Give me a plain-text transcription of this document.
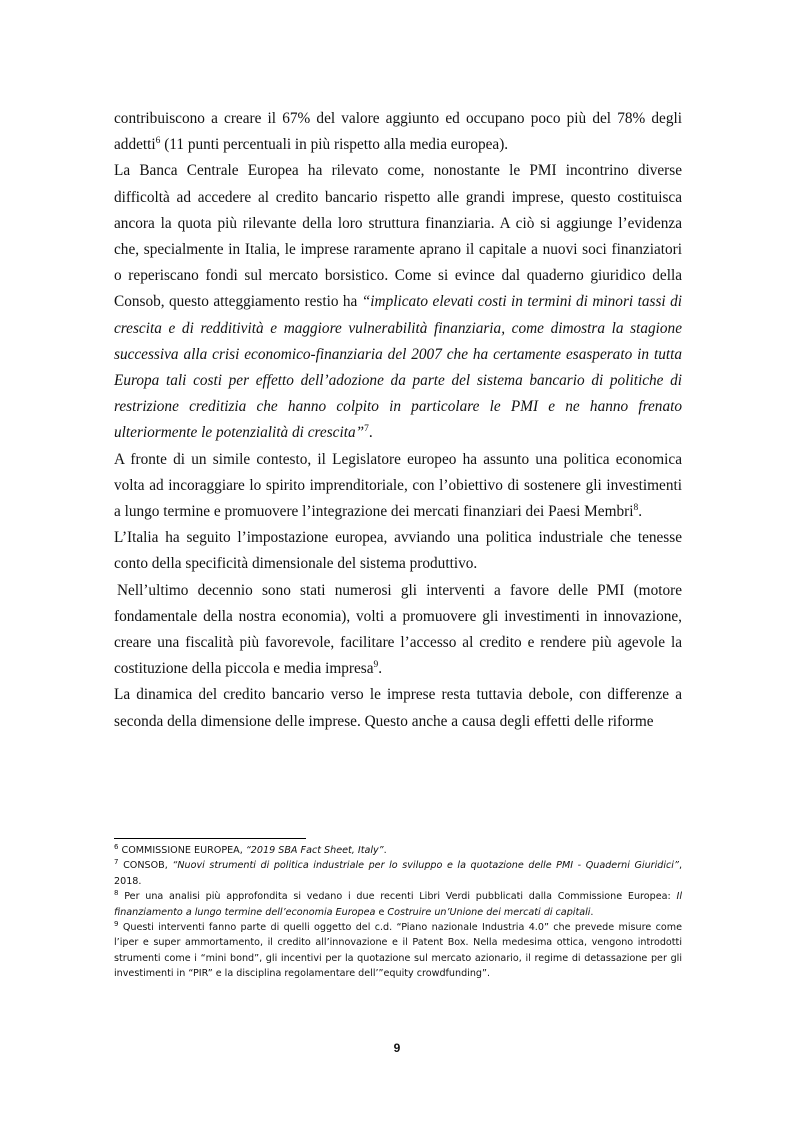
contribuiscono a creare il 67% del valore aggiunto ed occupano poco più del 78% degli addetti$^6$ (11 punti percentuali in più rispetto alla media europea).

La Banca Centrale Europea ha rilevato come, nonostante le PMI incontrino diverse difficoltà ad accedere al credito bancario rispetto alle grandi imprese, questo costituisca ancora la quota più rilevante della loro struttura finanziaria. A ciò si aggiunge l’evidenza che, specialmente in Italia, le imprese raramente aprano il capitale a nuovi soci finanziatori o reperiscano fondi sul mercato borsistico. Come si evince dal quaderno giuridico della Consob, questo atteggiamento restio ha “implicato elevati costi in termini di minori tassi di crescita e di redditività e maggiore vulnerabilità finanziaria, come dimostra la stagione successiva alla crisi economico-finanziaria del 2007 che ha certamente esasperato in tutta Europa tali costi per effetto dell’adozione da parte del sistema bancario di politiche di restrizione creditizia che hanno colpito in particolare le PMI e ne hanno frenato ulteriormente le potenzialità di crescita”$^7$.

A fronte di un simile contesto, il Legislatore europeo ha assunto una politica economica volta ad incoraggiare lo spirito imprenditoriale, con l’obiettivo di sostenere gli investimenti a lungo termine e promuovere l’integrazione dei mercati finanziari dei Paesi Membri$^8$.

L’Italia ha seguito l’impostazione europea, avviando una politica industriale che tenesse conto della specificità dimensionale del sistema produttivo.

Nell’ultimo decennio sono stati numerosi gli interventi a favore delle PMI (motore fondamentale della nostra economia), volti a promuovere gli investimenti in innovazione, creare una fiscalità più favorevole, facilitare l’accesso al credito e rendere più agevole la costituzione della piccola e media impresa$^9$.

La dinamica del credito bancario verso le imprese resta tuttavia debole, con differenze a seconda della dimensione delle imprese. Questo anche a causa degli effetti delle riforme

$^6$ COMMISSIONE EUROPEA, “2019 SBA Fact Sheet, Italy”.

$^7$ CONSOB, “Nuovi strumenti di politica industriale per lo sviluppo e la quotazione delle PMI - Quaderni Giuridici”, 2018.

$^8$ Per una analisi più approfondita si vedano i due recenti Libri Verdi pubblicati dalla Commissione Europea: Il finanziamento a lungo termine dell’economia Europea e Costruire un’Unione dei mercati di capitali.

$^9$ Questi interventi fanno parte di quelli oggetto del c.d. “Piano nazionale Industria 4.0” che prevede misure come l’iper e super ammortamento, il credito all’innovazione e il Patent Box. Nella medesima ottica, vengono introdotti strumenti come i “mini bond”, gli incentivi per la quotazione sul mercato azionario, il regime di detassazione per gli investimenti in “PIR” e la disciplina regolamentare dell’”equity crowdfunding”.

9
